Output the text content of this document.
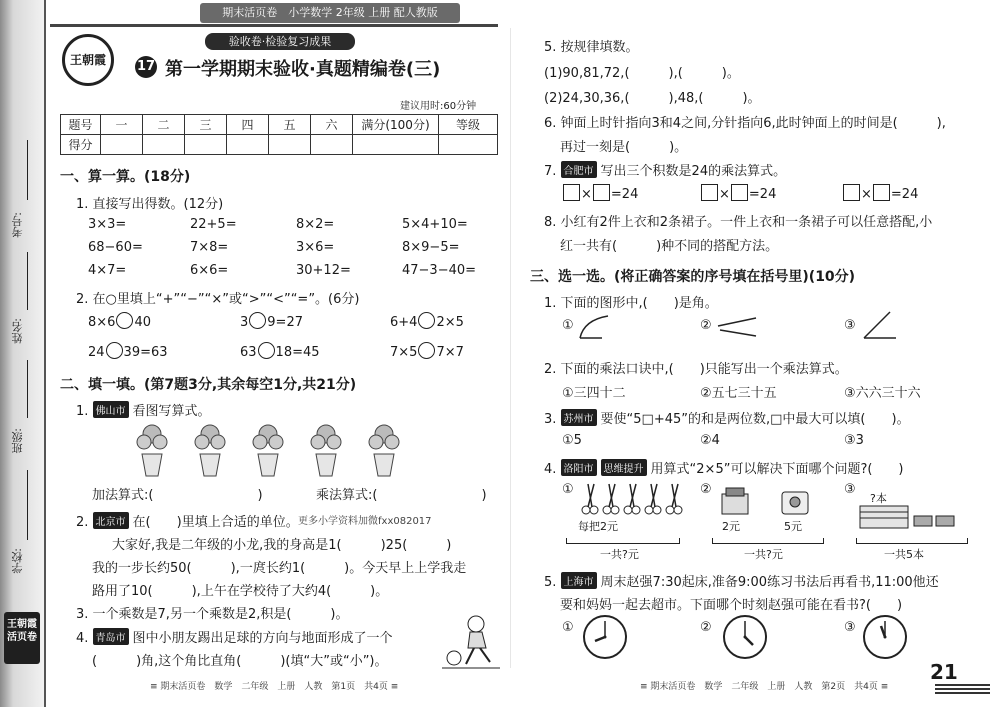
考号:
姓名:
班级:
学校:
王朝霞
活页卷
期末活页卷　小学数学 2年级 上册 配人教版
王朝霞
验收卷·检验复习成果
17 第一学期期末验收·真题精编卷(三)
建议用时:60分钟
题号	一	二	三	四	五	六	满分(100分)	等级
得分								
一、算一算。(18分)
1. 直接写出得数。(12分)
3×3=	22+5=	8×2=	5×4+10=
68−60=	7×8=	3×6=	8×9−5=
4×7=	6×6=	30+12=	47−3−40=
2. 在○里填上“+”“−”“×”或“>”“<”“=”。(6分)
8×6 40	3 9=27	6+4 2×5
24 39=63	63 18=45	7×5 7×7
二、填一填。(第7题3分,其余每空1分,共21分)
1. 佛山市 看图写算式。
加法算式:(　　　　　　　　)	乘法算式:(　　　　　　　　)
2. 北京市 在(　　)里填上合适的单位。 更多小学资料加微fxx082017
大家好,我是二年级的小龙,我的身高是1(　　　)25(　　　)
我的一步长约50(　　　),一庹长约1(　　　)。今天早上上学我走
路用了10(　　　),上午在学校待了大约4(　　　)。
3. 一个乘数是7,另一个乘数是2,积是(　　　)。
4. 青岛市 图中小朋友踢出足球的方向与地面形成了一个
(　　　)角,这个角比直角(　　　)(填“大”或“小”)。
≡ 期末活页卷　数学　二年级　上册　人教　第1页　共4页 ≡
5. 按规律填数。
(1)90,81,72,(　　　),(　　　)。
(2)24,30,36,(　　　),48,(　　　)。
6. 钟面上时针指向3和4之间,分针指向6,此时钟面上的时间是(　　　),
再过一刻是(　　　)。
7. 合肥市 写出三个积数是24的乘法算式。
× =24	× =24	× =24
8. 小红有2件上衣和2条裙子。一件上衣和一条裙子可以任意搭配,小
红一共有(　　　)种不同的搭配方法。
三、选一选。(将正确答案的序号填在括号里)(10分)
1. 下面的图形中,(　　)是角。
①	②	③
2. 下面的乘法口诀中,(　　)只能写出一个乘法算式。
①三四十二	②五七三十五	③六六三十六
3. 苏州市 要使“5□+45”的和是两位数,□中最大可以填(　　)。
①5	②4	③3
4. 洛阳市 思维提升 用算式“2×5”可以解决下面哪个问题?(　　)
①
每把2元
一共?元
②
2元	5元
一共?元
③
?本
一共5本
5. 上海市 周末赵强7:30起床,准备9:00练习书法后再看书,11:00他还
要和妈妈一起去超市。下面哪个时刻赵强可能在看书?(　　)
①	②	③
≡ 期末活页卷　数学　二年级　上册　人教　第2页　共4页 ≡
21
